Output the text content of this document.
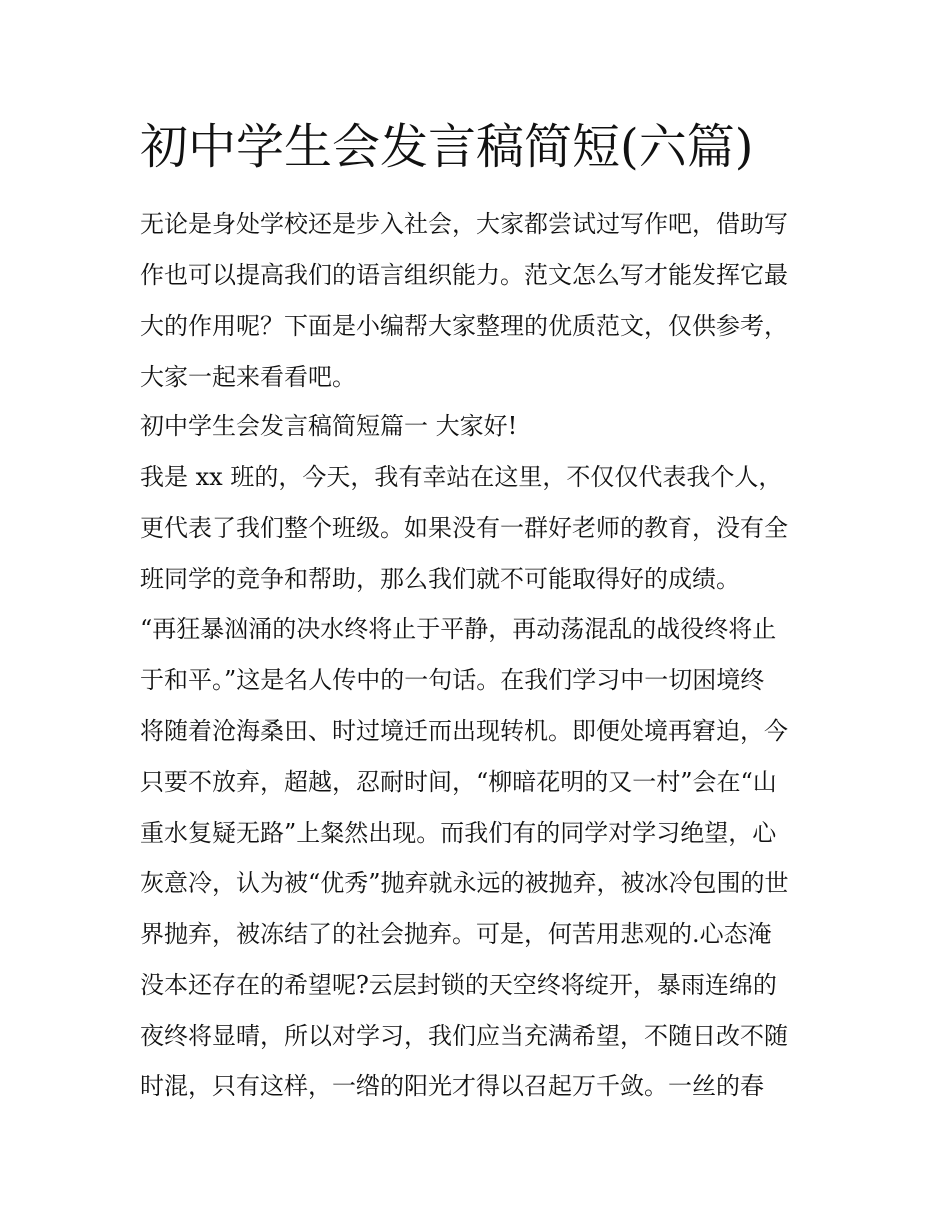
初中学生会发言稿简短(六篇)

无论是身处学校还是步入社会，大家都尝试过写作吧，借助写

作也可以提高我们的语言组织能力。范文怎么写才能发挥它最

大的作用呢？下面是小编帮大家整理的优质范文，仅供参考，

大家一起来看看吧。

初中学生会发言稿简短篇一 大家好!

我是 xx 班的，今天，我有幸站在这里，不仅仅代表我个人，

更代表了我们整个班级。如果没有一群好老师的教育，没有全

班同学的竞争和帮助，那么我们就不可能取得好的成绩。

“再狂暴汹涌的决水终将止于平静，再动荡混乱的战役终将止

于和平。”这是名人传中的一句话。在我们学习中一切困境终

将随着沧海桑田、时过境迁而出现转机。即便处境再窘迫，今

只要不放弃，超越，忍耐时间，“柳暗花明的又一村”会在“山

重水复疑无路”上粲然出现。而我们有的同学对学习绝望，心

灰意冷，认为被“优秀”抛弃就永远的被抛弃，被冰冷包围的世

界抛弃，被冻结了的社会抛弃。可是，何苦用悲观的.心态淹

没本还存在的希望呢?云层封锁的天空终将绽开，暴雨连绵的

夜终将显晴，所以对学习，我们应当充满希望，不随日改不随

时混，只有这样，一绺的阳光才得以召起万千敛。一丝的春
